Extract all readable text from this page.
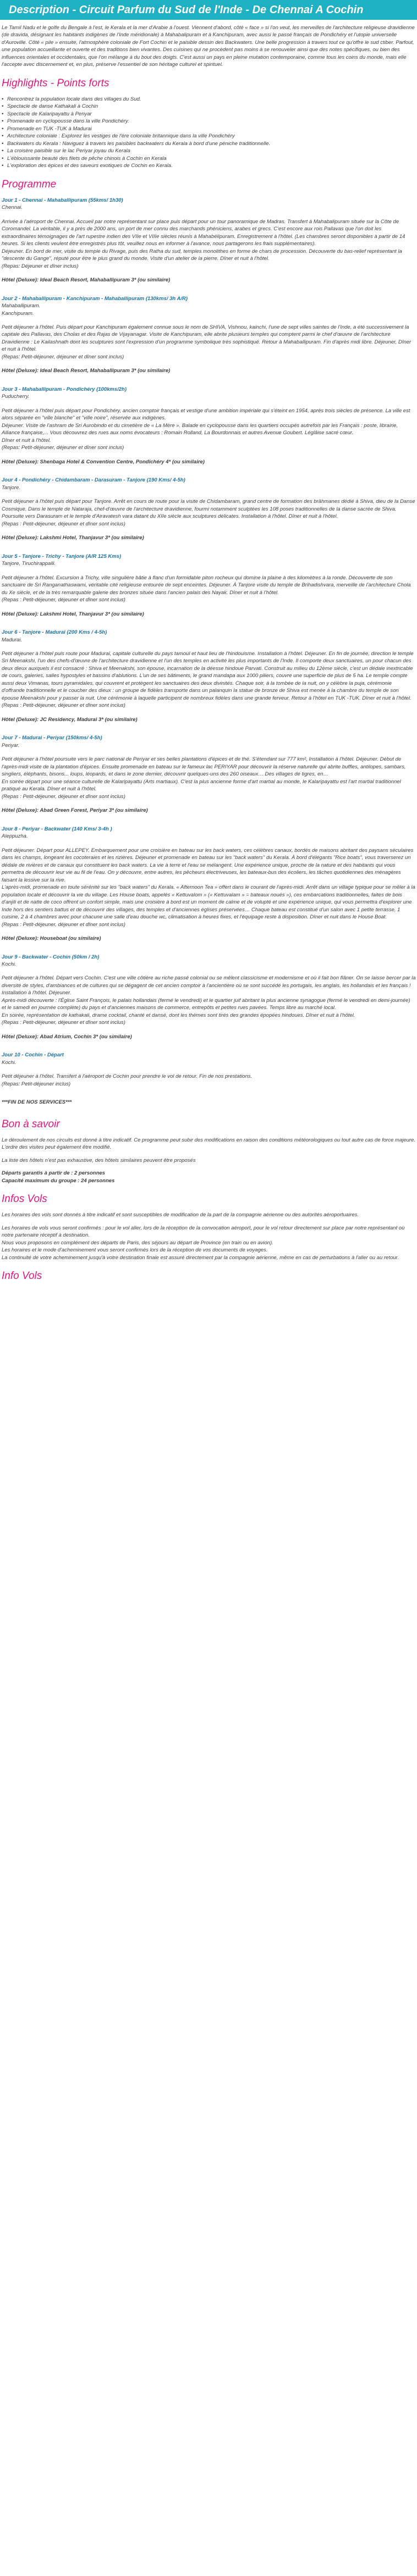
Description - Circuit Parfum du Sud de l'Inde - De Chennai A Cochin
Le Tamil Nadu et le golfe du Bengale à l'est, le Kerala et la mer d'Arabie à l'ouest. Viennent d'abord, côté « face » si l'on veut, les merveilles de l'architecture religieuse dravidienne (de dravida, désignant les habitants indigènes de l'Inde méridionale) à Mahabalipuram et à Kanchipuram, avec aussi le passé français de Pondichéry et l'utopie universelle d'Auroville. Côté « pile » ensuite, l'atmosphère coloniale de Fort Cochin et le paisible dessin des Backwaters. Une belle progression à travers tout ce qu'offre le sud ctiber. Parfout, une population accueillante et ouverte et des traditions bien vivantes. Des cuisines qui ne procèdent pas moins à se renouveler ainsi que des notes spécifiques, ou bien des influences orientales et occidentales, que l'on mélange à du bout des doigts. C'est aussi un pays en pleine mutation contemporaine, comme tous les coins du monde, mais elle l'accepte avec discernement et, en plus, préserve l'essentiel de son héritage culturel et spirituel.
Highlights - Points forts
• Rencontrez la population locale dans des villages du Sud.
• Spectacle de danse Kathakali à Cochin
• Spectacle de Kalaripayattu à Periyar
• Promenade en cyclopousse dans la ville Pondichéry.
• Promenade en TUK -TUK à Madurai
• Architecture coloniale : Explorez les vestiges de l'ère coloniale britannique dans la ville Pondichéry
• Backwaters du Kerala : Naviguez à travers les paisibles backwaters du Kerala à bord d'une péniche traditionnelle.
• La croisère paisible sur le lac Periyar joyau du Kerala
• L'éblouissante beauté des filets de pêche chinois à Cochin en Kerala
• L'exploration des épices et des saveurs exotiques de Cochin en Kerala.
Programme
Jour 1 - Chennai - Mahaballipuram (55kms/ 1h30)
Chennai.
Arrivée à l'aéroport de Chennai. Accueil par notre représentant sur place puis départ pour un tour panoramique de Madras. Transfert à Mahabalipuram située sur la Côte de Coromandel. La véritable, il y a près de 2000 ans, un port de mer connu des marchands phéniciens, arabes et grecs. C'est encore aux rois Pallavas que l'on doit les extraordinaires témoignages de l'art rupestre indien des VIIe et VIIIe siècles réunis à Mahabélipuram. Enregistrement à l'hôtel. (Les chambres seront disponibles à partir de 14 heures. Si les clients veulent être enregistrés plus tôt, veuillez nous en informer à l'avance, nous partagerons les frais supplémentaires).
Déjeuner. En bord de mer, visite du temple du Rivage, puis des Ratha du sud, temples monolithes en forme de chars de procession. Découverte du bas-relief représentant la "descente du Gange", réputé pour être le plus grand du monde. Visite d'un atelier de la pierre. Dîner et nuit à l'hôtel.
(Repas: Déjeuner et dîner inclus)
Hôtel (Deluxe): Ideal Beach Resort, Mahaballipuram 3* (ou similaire)
Jour 2 - Mahaballipuram - Kanchipuram - Mahaballipuram (130kms/ 3h A/R)
Mahaballipuram.
Kanchipuram.
Petit déjeuner à l'hôtel. Puis départ pour Kanchipuram également connue sous le nom de SHIVA, Vishnou, kainchi, l'une de sept villes saintes de l'Inde, a été successivement la capitale des Pallavas, des Cholas et des Rajas de Vijayanagar. Visite de Kanchipuram, elle abrite plusieurs temples qui comptent parmi le chef d'œuvre de l'architecture Dravidienne : Le Kailashnath dont les sculptures sont l'expression d'un programme symbolique très sophistiqué. Retour à Mahaballipuram. Fin d'après midi libre. Déjeuner, Dîner et nuit à l'hôtel.
(Repas: Petit-déjeuner, déjeuner et dîner sont inclus)
Hôtel (Deluxe): Ideal Beach Resort, Mahaballipuram 3* (ou similaire)
Jour 3 - Mahaballipuram - Pondichéry (100kms/2h)
Puducherry.
Petit déjeuner à l'hôtel puis départ pour Pondichéry, ancien comptoir français et vestige d'une ambition impériale qui s'éteint en 1954, après trois siècles de présence. La ville est alors séparée en "ville blanche" et "ville noire", réservée aux indigènes.
Déjeuner. Visite de l'ashram de Sri Aurobindo et du cimetière de « La Mère ». Balade en cyclopousse dans les quartiers occupés autrefois par les Français : poste, librairie, Alliance française,... Vous découvrez des rues aux noms évocateurs : Romain Rolland, La Bourdonnais et autres Avenue Goubert. Léglâise sacré cœur.
Dîner et nuit à l'hôtel.
(Repas: Petit-déjeuner, déjeuner et dîner sont inclus)
Hôtel (Deluxe): Shenbaga Hotel & Convention Centre, Pondichéry 4* (ou similaire)
Jour 4 - Pondichéry - Chidambaram - Darasuram - Tanjore (190 Kms/ 4-5h)
Tanjore.
Petit déjeuner à l'hôtel puis départ pour Tanjore. Arrêt en cours de route pour la visite de Chidambaram, grand centre de formation des brâhmanes dédié à Shiva, dieu de la Danse Cosmique. Dans le temple de Nataraja, chef-d'œuvre de l'architecture dravidienne, fourmi notamment sculptées les 108 poses traditionnelles de la danse sacrée de Shiva. Poursuite vers Darasuram et le temple d'Airavatesh vara datant du XIIe siècle aux sculptures délicates. Installation à l'hôtel. Dîner et nuit à l'hôtel.
(Repas : Petit-déjeuner, déjeuner et dîner sont inclus)
Hôtel (Deluxe): Lakshmi Hotel, Thanjavur 3* (ou similaire)
Jour 5 - Tanjore - Trichy - Tanjore (A/R 125 Kms)
Tanjore, Tiruchirappalli.
Petit déjeuner à l'hôtel. Excursion à Trichy, ville singulière bâtie à flanc d'un formidable piton rocheux qui domine la plaine à des kilomètres à la ronde. Découverte de son sanctuaire de Sri Ranganathaswami, véritable cité religieuse entourée de sept enceintes. Déjeuner. À Tanjore visite du temple de Brihadishvara, merveille de l'architecture Chola du Xe siècle, et de la très remarquable galerie des bronzes située dans l'ancien palais des Nayak. Dîner et nuit à l'hôtel.
(Repas : Petit-déjeuner, déjeuner et dîner sont inclus)
Hôtel (Deluxe): Lakshmi Hotel, Thanjavur 3* (ou similaire)
Jour 6 - Tanjore - Madurai (200 Kms / 4-5h)
Madurai.
Petit déjeuner à l'hôtel puis route pour Madurai, capitale culturelle du pays tamoul et haut lieu de l'hindouisme. Installation à l'hôtel. Déjeuner. En fin de journée, direction le temple Sri Meenakshi, l'un des chefs-d'œuvre de l'architecture dravidienne et l'un des temples en activité les plus importants de l'Inde. Il comporte deux sanctuaires, un pour chacun des deux dieux auxquels il est consacré : Shiva et Meenakshi, son épouse, incarnation de la déesse hindoue Parvati. Construit au milieu du 12ème siècle, c'est un dédale inextricable de cours, galeries, salles hypostyles et bassins d'ablutions. L'un de ses bâtiments, le grand mandapa aux 1000 piliers, couvre une superficie de plus de 5 ha. Le temple compte aussi deux Vimanas, tours pyramidales, qui couvrent et protègent les sanctuaires des deux divinités. Chaque soir, à la tombée de la nuit, on y célèbre la puja, cérémonie d'offrande traditionnelle et le coucher des dieux : un groupe de fidèles transporte dans un palanquin la statue de bronze de Shiva est menée à la chambre du temple de son épouse Meenakshi pour y passer la nuit. Une cérémonie à laquelle participent de nombreux fidèles dans une grande ferveur. Retour à l'hôtel en TUK -TUK. Dîner et nuit à l'hôtel.
(Repas : Petit-déjeuner, déjeuner et dîner sont inclus)
Hôtel (Deluxe): JC Residency, Madurai 3* (ou similaire)
Jour 7 - Madurai - Periyar (150kms/ 4-5h)
Periyar.
Petit déjeuner à l'hôtel poursuite vers le parc national de Periyar et ses belles plantations d'épices et de thé. S'étendant sur 777 km², Installation à l'hôtel. Déjeuner. Début de l'après-midi visite de la plantation d'épices. Ensuite promenade en bateau sur le fameux lac PERIYAR pour découvrir la réserve naturelle qui abrite buffles, antilopes, sambars, singliers, éléphants, bisons... loups, léopards, et dans le zone dernier, découvrir quelques-uns des 260 oiseaux… Des villages de tigres, en…
En soirée départ pour une séance culturelle de Kalaripayattu (Arts martiaux). C'est la plus ancienne forme d'art martial au monde, le Kalaripayattu est l'art martial traditionnel pratiqué au Kerala. Dîner et nuit à l'hôtel.
(Repas : Petit-déjeuner, déjeuner et dîner sont inclus)
Hôtel (Deluxe): Abad Green Forest, Periyar 3* (ou similaire)
Jour 8 - Periyar - Backwater (140 Kms/ 3-4h )
Aleppuzha.
Petit déjeuner. Départ pour ALLEPEY. Embarquement pour une croisière en bateau sur les back waters, ces célèbres canaux, bordés de maisons abritant des paysans séculaires dans les champs, longeant les cocoteraies et les rizières. Déjeuner et promenade en bateau sur les "back waters" du Kerala. À bord d'élégants "Rice boats", vous traverserez un dédale de rivières et de canaux qui constituent les back waters. La vie à terre et l'eau se mélangent. Une expérience unique, proche de la nature et des habitants qui vous permettra de découvrir leur vie au fil de l'eau. On y découvre, entre autres, les pêcheurs électriveuses, les bateaux-bus des écoliers, les tâches quotidiennes des ménagères faisant la lessive sur la rive.
L'après-midi, promenade en toute sérénité sur les "back waters" du Kerala. « Afternoon Tea » offert dans le courant de l'après-midi. Arrêt dans un village typique pour se mêler à la population locale et découvrir la vie du village. Les House boats, appelés « Kettuvalom » (« Kettuvalam » = bateaux noués »), ces embarcations traditionnelles, faites de bois d'anjili et de natte de coco offrent un confort simple, mais une croisière à bord est un moment de calme et de volupté et une expérience unique, qui vous permettra d'explorer une Inde hors des sentiers battus et de découvrir des villages, des temples et d'anciennes églises préservées… Chaque bateau est constitué d'un salon avec 1 petite terrasse, 1 cuisine, 2 à 4 chambres avec pour chacune une salle d'eau douche wc, climatisation à heures fixes, et l'équipage reste à disposition. Dîner et nuit dans le House Boat.
(Repas : Petit-déjeuner, déjeuner et dîner sont inclus)
Hôtel (Deluxe): Houseboat (ou similaire)
Jour 9 - Backwater - Cochin (50km / 2h)
Kochi.
Petit déjeuner à l'hôtel. Départ vers Cochin. C'est une ville côtière au riche passé colonial ou se mêlent classicisme et modernisme et où il fait bon flâner. On se laisse bercer par la diversité de styles, d'ambiances et de cultures qui se dégagent de cet ancien comptoir à l'ancientière où se sont succédé les portugais, les anglais, les hollandais et les français ! Installation à l'hôtel. Déjeuner.
Après-midi découverte : l'Église Saint François, le palais hollandais (fermé le vendredi) et le quartier juif abritant la plus ancienne synagogue (fermé le vendredi en demi-journée) et le samedi en journée complète) du pays et d'anciennes maisons de commerce, entrepôts et petites rues pavées. Temps libre au marché local.
En soirée, représentation de kathakali, drame cocktail, chanté et dansé, dont les thèmes sont tirés des grandes épopées hindoues. Dîner et nuit à l'hôtel.
(Repas : Petit-déjeuner, déjeuner et dîner sont inclus)
Hôtel (Deluxe): Abad Atrium, Cochin 3* (ou similaire)
Jour 10 - Cochin - Départ
Kochi.
Petit déjeuner à l'hôtel. Transfert à l'aéroport de Cochin pour prendre le vol de retour. Fin de nos prestations.
(Repas: Petit-déjeuner inclus)
***FIN DE NOS SERVICES***
Bon à savoir
Le déroulement de nos circuits est donné à titre indicatif. Ce programme peut subir des modifications en raison des conditions météorologiques ou tout autre cas de force majeure. L'ordre des visites peut également être modifié.
La liste des hôtels n'est pas exhaustive, des hôtels similaires peuvent être proposés
Départs garantis à partir de : 2 personnes
Capacité maximum du groupe : 24 personnes
Infos Vols
Les horaires des vols sont donnés à titre indicatif et sont susceptibles de modification de la part de la compagnie aérienne ou des autorités aéroportuaires.
Les horaires de vols vous seront confirmés : pour le vol aller, lors de la réception de la convocation aéroport, pour le vol retour directement sur place par notre représentant où notre partenaire réceptif à destination.
Nous vous proposons en complément des départs de Paris, des séjours au départ de Province (en train ou en avion).
Les horaires et le mode d'acheminement vous seront confirmés lors de la réception de vos documents de voyages.
La continuité de votre acheminement jusqu'à votre destination finale est assuré directement par la compagnie aérienne, même en cas de perturbations à l'aller ou au retour.
Info Vols
